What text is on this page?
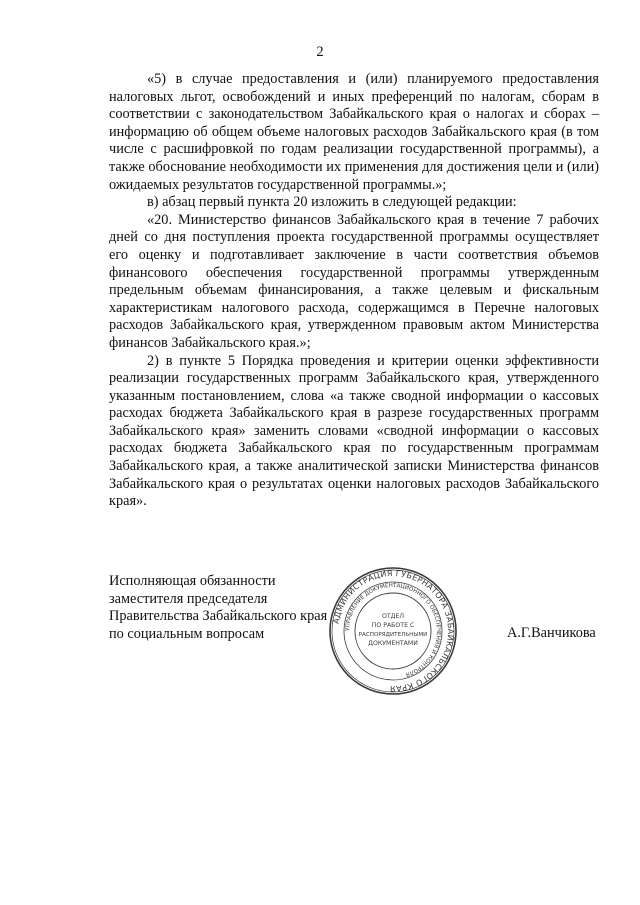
2

«5) в случае предоставления и (или) планируемого предоставления налоговых льгот, освобождений и иных преференций по налогам, сборам в соответствии с законодательством Забайкальского края о налогах и сборах – информацию об общем объеме налоговых расходов Забайкальского края (в том числе с расшифровкой по годам реализации государственной программы), а также обоснование необходимости их применения для достижения цели и (или) ожидаемых результатов государственной программы.»;

в) абзац первый пункта 20 изложить в следующей редакции:

«20. Министерство финансов Забайкальского края в течение 7 рабочих дней со дня поступления проекта государственной программы осуществляет его оценку и подготавливает заключение в части соответствия объемов финансового обеспечения государственной программы утвержденным предельным объемам финансирования, а также целевым и фискальным характеристикам налогового расхода, содержащимся в Перечне налоговых расходов Забайкальского края, утвержденном правовым актом Министерства финансов Забайкальского края.»;

2) в пункте 5 Порядка проведения и критерии оценки эффективности реализации государственных программ Забайкальского края, утвержденного указанным постановлением, слова «а также сводной информации о кассовых расходах бюджета Забайкальского края в разрезе государственных программ Забайкальского края» заменить словами «сводной информации о кассовых расходах бюджета Забайкальского края по государственным программам Забайкальского края, а также аналитической записки Министерства финансов Забайкальского края о результатах оценки налоговых расходов Забайкальского края».

Исполняющая обязанности
заместителя председателя
Правительства Забайкальского края
по социальным вопросам	А.Г.Ванчикова
АДМИНИСТРАЦИЯ ГУБЕРНАТОРА ЗАБАЙКАЛЬСКОГО КРАЯ
УПРАВЛЕНИЕ ДОКУМЕНТАЦИОННОГО ОБЕСПЕЧЕНИЯ И КОНТРОЛЯ
ОТДЕЛ
ПО РАБОТЕ С
РАСПОРЯДИТЕЛЬНЫМИ
ДОКУМЕНТАМИ
